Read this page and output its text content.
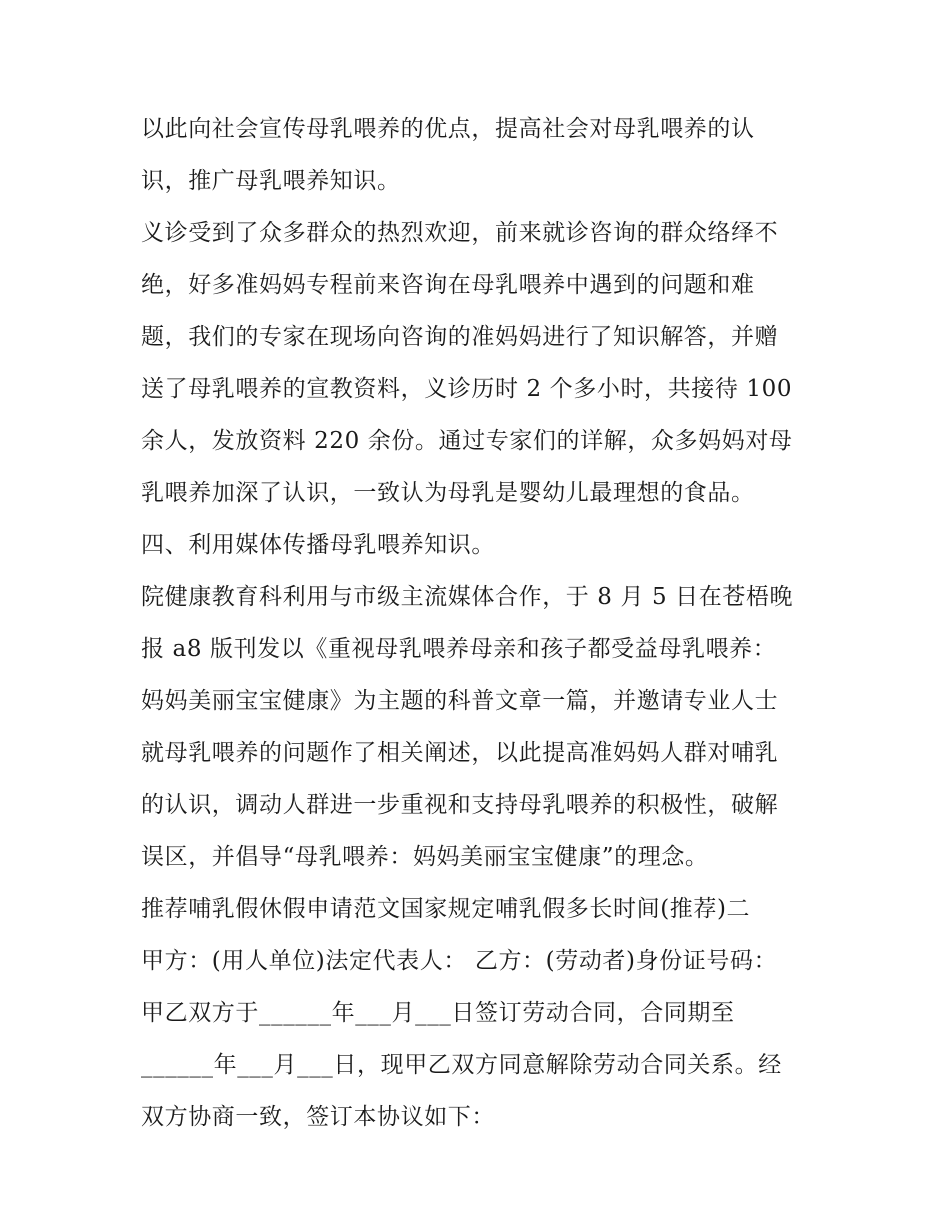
以此向社会宣传母乳喂养的优点，提高社会对母乳喂养的认
识，推广母乳喂养知识。
义诊受到了众多群众的热烈欢迎，前来就诊咨询的群众络绎不
绝，好多准妈妈专程前来咨询在母乳喂养中遇到的问题和难
题，我们的专家在现场向咨询的准妈妈进行了知识解答，并赠
送了母乳喂养的宣教资料，义诊历时 2 个多小时，共接待 100
余人，发放资料 220 余份。通过专家们的详解，众多妈妈对母
乳喂养加深了认识，一致认为母乳是婴幼儿最理想的食品。
四、利用媒体传播母乳喂养知识。
院健康教育科利用与市级主流媒体合作，于 8 月 5 日在苍梧晚
报 a8 版刊发以《重视母乳喂养母亲和孩子都受益母乳喂养：
妈妈美丽宝宝健康》为主题的科普文章一篇，并邀请专业人士
就母乳喂养的问题作了相关阐述，以此提高准妈妈人群对哺乳
的认识，调动人群进一步重视和支持母乳喂养的积极性，破解
误区，并倡导“母乳喂养：妈妈美丽宝宝健康”的理念。
推荐哺乳假休假申请范文国家规定哺乳假多长时间(推荐)二
甲方：(用人单位)法定代表人： 乙方：(劳动者)身份证号码：
甲乙双方于______年___月___日签订劳动合同，合同期至
______年___月___日，现甲乙双方同意解除劳动合同关系。经
双方协商一致，签订本协议如下：
